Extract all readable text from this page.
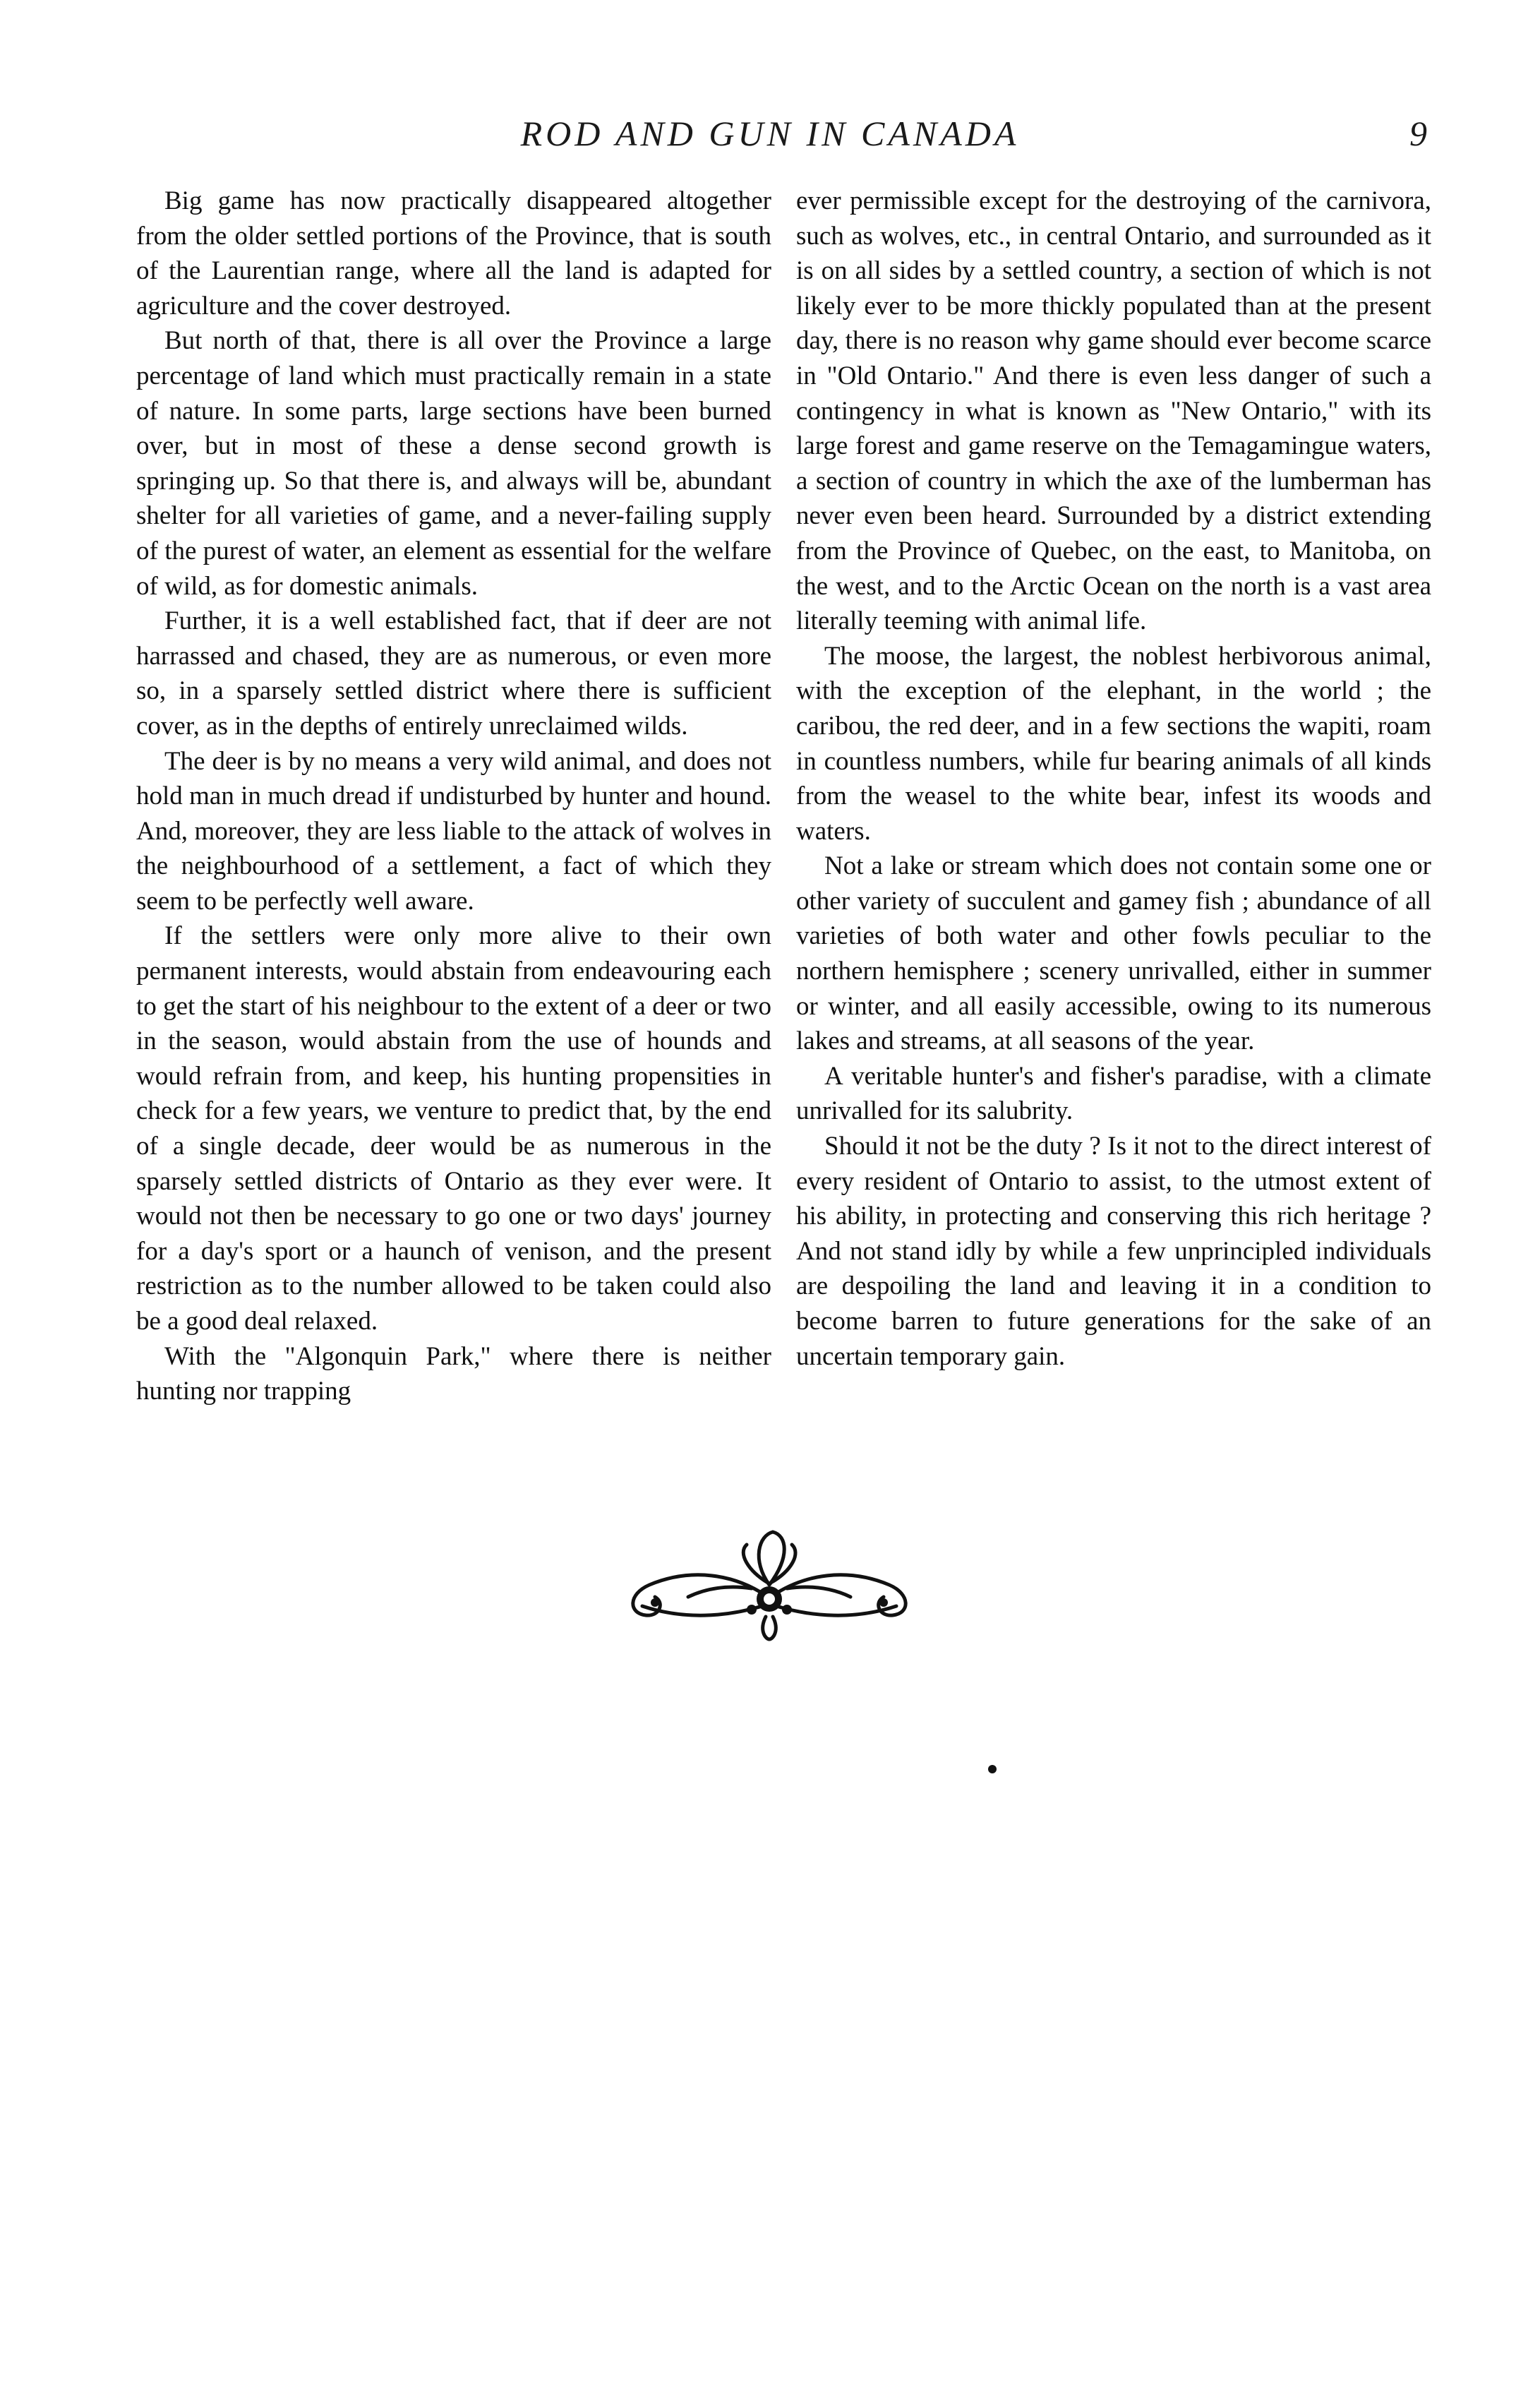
ROD AND GUN IN CANADA	9

Big game has now practically disappeared altogether from the older settled portions of the Province, that is south of the Laurentian range, where all the land is adapted for agriculture and the cover destroyed.

But north of that, there is all over the Province a large percentage of land which must practically remain in a state of nature. In some parts, large sections have been burned over, but in most of these a dense second growth is springing up. So that there is, and always will be, abundant shelter for all varieties of game, and a never-failing supply of the purest of water, an element as essential for the welfare of wild, as for domestic animals.

Further, it is a well established fact, that if deer are not harrassed and chased, they are as numerous, or even more so, in a sparsely settled district where there is sufficient cover, as in the depths of entirely unreclaimed wilds.

The deer is by no means a very wild animal, and does not hold man in much dread if undisturbed by hunter and hound. And, moreover, they are less liable to the attack of wolves in the neighbourhood of a settlement, a fact of which they seem to be perfectly well aware.

If the settlers were only more alive to their own permanent interests, would abstain from endeavouring each to get the start of his neighbour to the extent of a deer or two in the season, would abstain from the use of hounds and would refrain from, and keep, his hunting propensities in check for a few years, we venture to predict that, by the end of a single decade, deer would be as numerous in the sparsely settled districts of Ontario as they ever were. It would not then be necessary to go one or two days' journey for a day's sport or a haunch of venison, and the present restriction as to the number allowed to be taken could also be a good deal relaxed.

With the "Algonquin Park," where there is neither hunting nor trapping

ever permissible except for the destroying of the carnivora, such as wolves, etc., in central Ontario, and surrounded as it is on all sides by a settled country, a section of which is not likely ever to be more thickly populated than at the present day, there is no reason why game should ever become scarce in "Old Ontario." And there is even less danger of such a contingency in what is known as "New Ontario," with its large forest and game reserve on the Temagamingue waters, a section of country in which the axe of the lumberman has never even been heard. Surrounded by a district extending from the Province of Quebec, on the east, to Manitoba, on the west, and to the Arctic Ocean on the north is a vast area literally teeming with animal life.

The moose, the largest, the noblest herbivorous animal, with the exception of the elephant, in the world ; the caribou, the red deer, and in a few sections the wapiti, roam in countless numbers, while fur bearing animals of all kinds from the weasel to the white bear, infest its woods and waters.

Not a lake or stream which does not contain some one or other variety of succulent and gamey fish ; abundance of all varieties of both water and other fowls peculiar to the northern hemisphere ; scenery unrivalled, either in summer or winter, and all easily accessible, owing to its numerous lakes and streams, at all seasons of the year.

A veritable hunter's and fisher's paradise, with a climate unrivalled for its salubrity.

Should it not be the duty ? Is it not to the direct interest of every resident of Ontario to assist, to the utmost extent of his ability, in protecting and conserving this rich heritage ? And not stand idly by while a few unprincipled individuals are despoiling the land and leaving it in a condition to become barren to future generations for the sake of an uncertain temporary gain.
